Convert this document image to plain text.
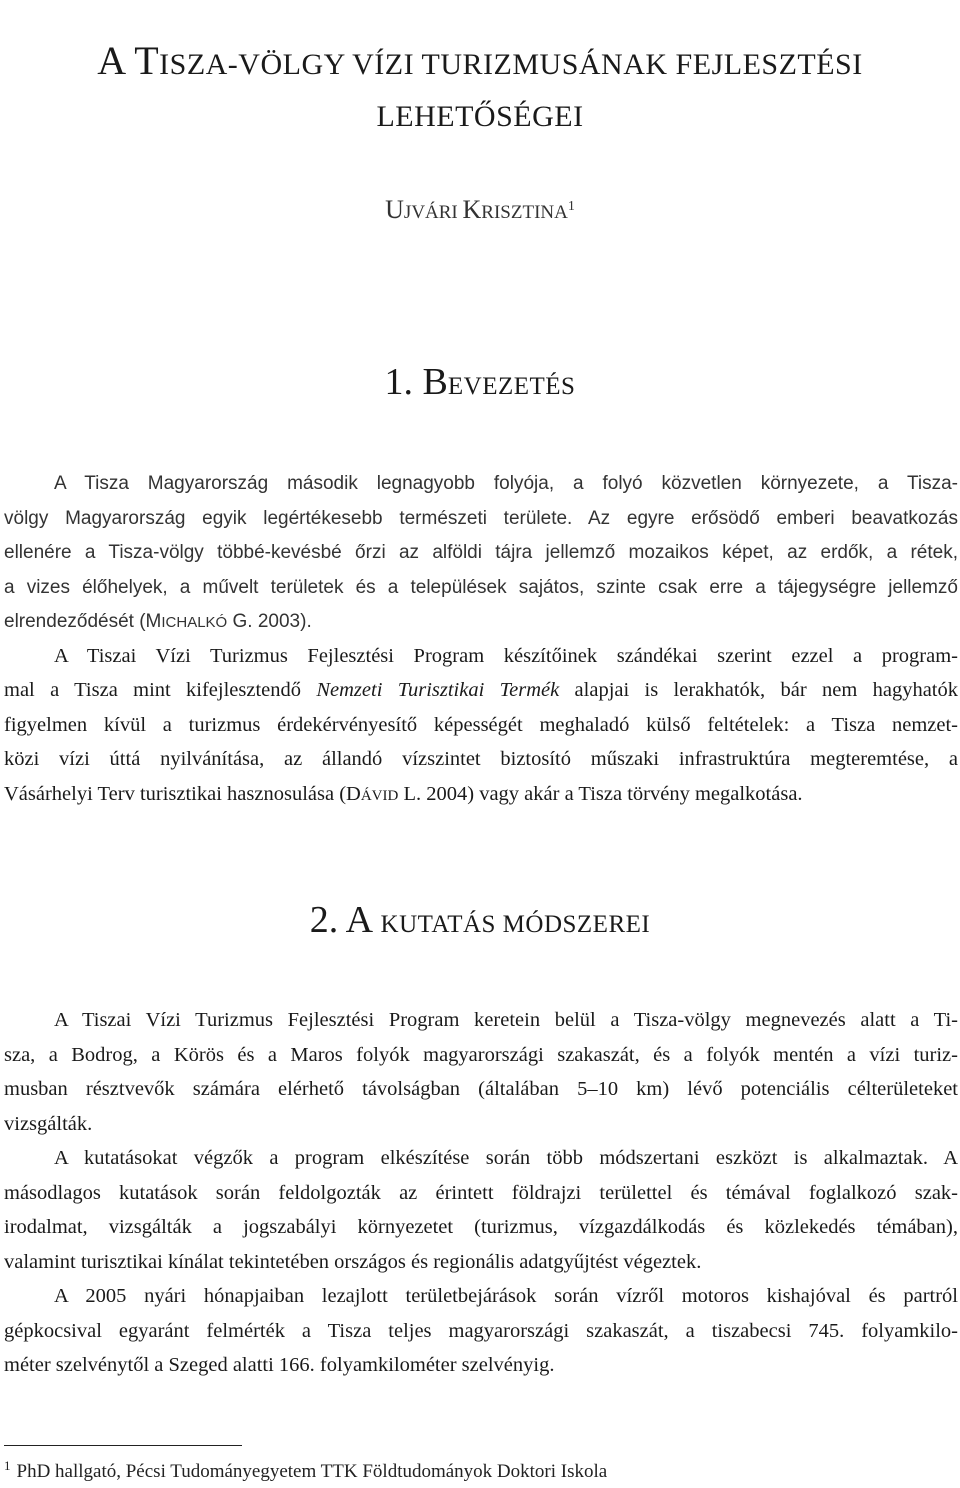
A TISZA-VÖLGY VÍZI TURIZMUSÁNAK FEJLESZTÉSI
LEHETŐSÉGEI
UJVÁRI KRISZTINA$^1$
1. BEVEZETÉS
A Tisza Magyarország második legnagyobb folyója, a folyó közvetlen környezete, a Tisza-
völgy Magyarország egyik legértékesebb természeti területe. Az egyre erősödő emberi beavatkozás
ellenére a Tisza-völgy többé-kevésbé őrzi az alföldi tájra jellemző mozaikos képet, az erdők, a rétek,
a vizes élőhelyek, a művelt területek és a települések sajátos, szinte csak erre a tájegységre jellemző
elrendeződését (MICHALKÓ G. 2003).
A Tiszai Vízi Turizmus Fejlesztési Program készítőinek szándékai szerint ezzel a program-
mal a Tisza mint kifejlesztendő Nemzeti Turisztikai Termék alapjai is lerakhatók, bár nem hagyhatók
figyelmen kívül a turizmus érdekérvényesítő képességét meghaladó külső feltételek: a Tisza nemzet-
közi vízi úttá nyilvánítása, az állandó vízszintet biztosító műszaki infrastruktúra megteremtése, a
Vásárhelyi Terv turisztikai hasznosulása (DÁVID L. 2004) vagy akár a Tisza törvény megalkotása.
2. A KUTATÁS MÓDSZEREI
A Tiszai Vízi Turizmus Fejlesztési Program keretein belül a Tisza-völgy megnevezés alatt a Ti-
sza, a Bodrog, a Körös és a Maros folyók magyarországi szakaszát, és a folyók mentén a vízi turiz-
musban résztvevők számára elérhető távolságban (általában 5–10 km) lévő potenciális célterületeket
vizsgálták.
A kutatásokat végzők a program elkészítése során több módszertani eszközt is alkalmaztak. A
másodlagos kutatások során feldolgozták az érintett földrajzi területtel és témával foglalkozó szak-
irodalmat, vizsgálták a jogszabályi környezetet (turizmus, vízgazdálkodás és közlekedés témában),
valamint turisztikai kínálat tekintetében országos és regionális adatgyűjtést végeztek.
A 2005 nyári hónapjaiban lezajlott területbejárások során vízről motoros kishajóval és partról
gépkocsival egyaránt felmérték a Tisza teljes magyarországi szakaszát, a tiszabecsi 745. folyamkilo-
méter szelvénytől a Szeged alatti 166. folyamkilométer szelvényig.
$^1$ PhD hallgató, Pécsi Tudományegyetem TTK Földtudományok Doktori Iskola
